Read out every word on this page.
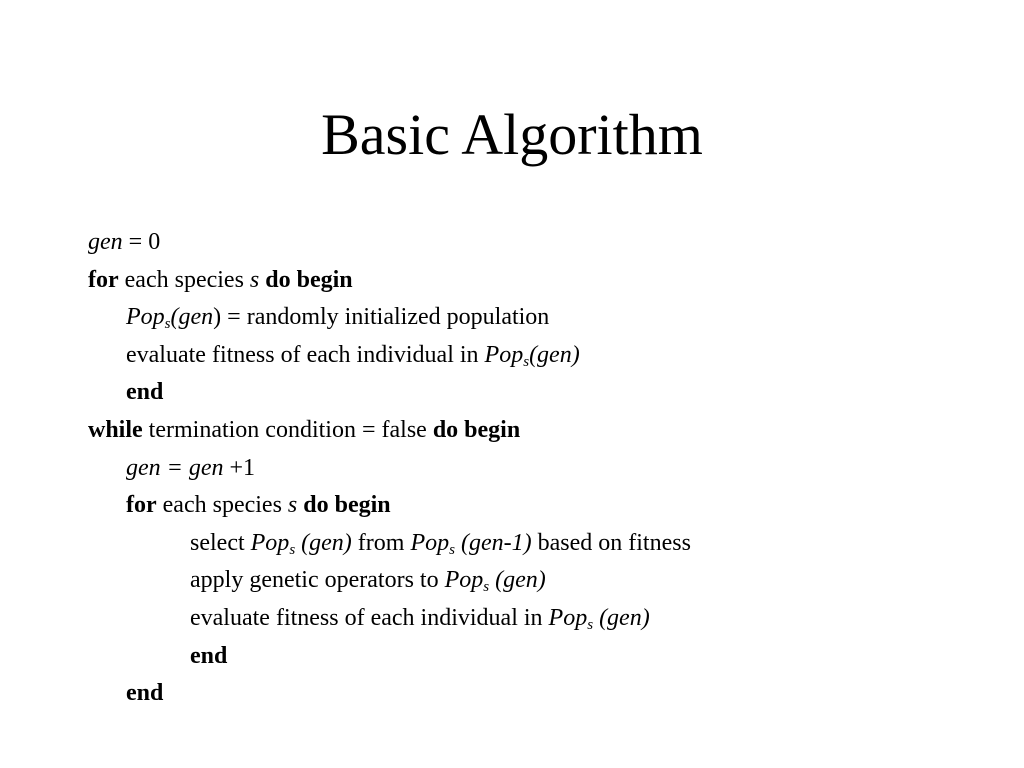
Basic Algorithm
gen = 0
for each species s do begin
Pop$_s$(gen) = randomly initialized population
evaluate fitness of each individual in Pop$_s$(gen)
end
while termination condition = false do begin
gen = gen +1
for each species s do begin
select Pop$_s$ (gen) from Pop$_s$ (gen-1) based on fitness
apply genetic operators to Pop$_s$ (gen)
evaluate fitness of each individual in Pop$_s$ (gen)
end
end
